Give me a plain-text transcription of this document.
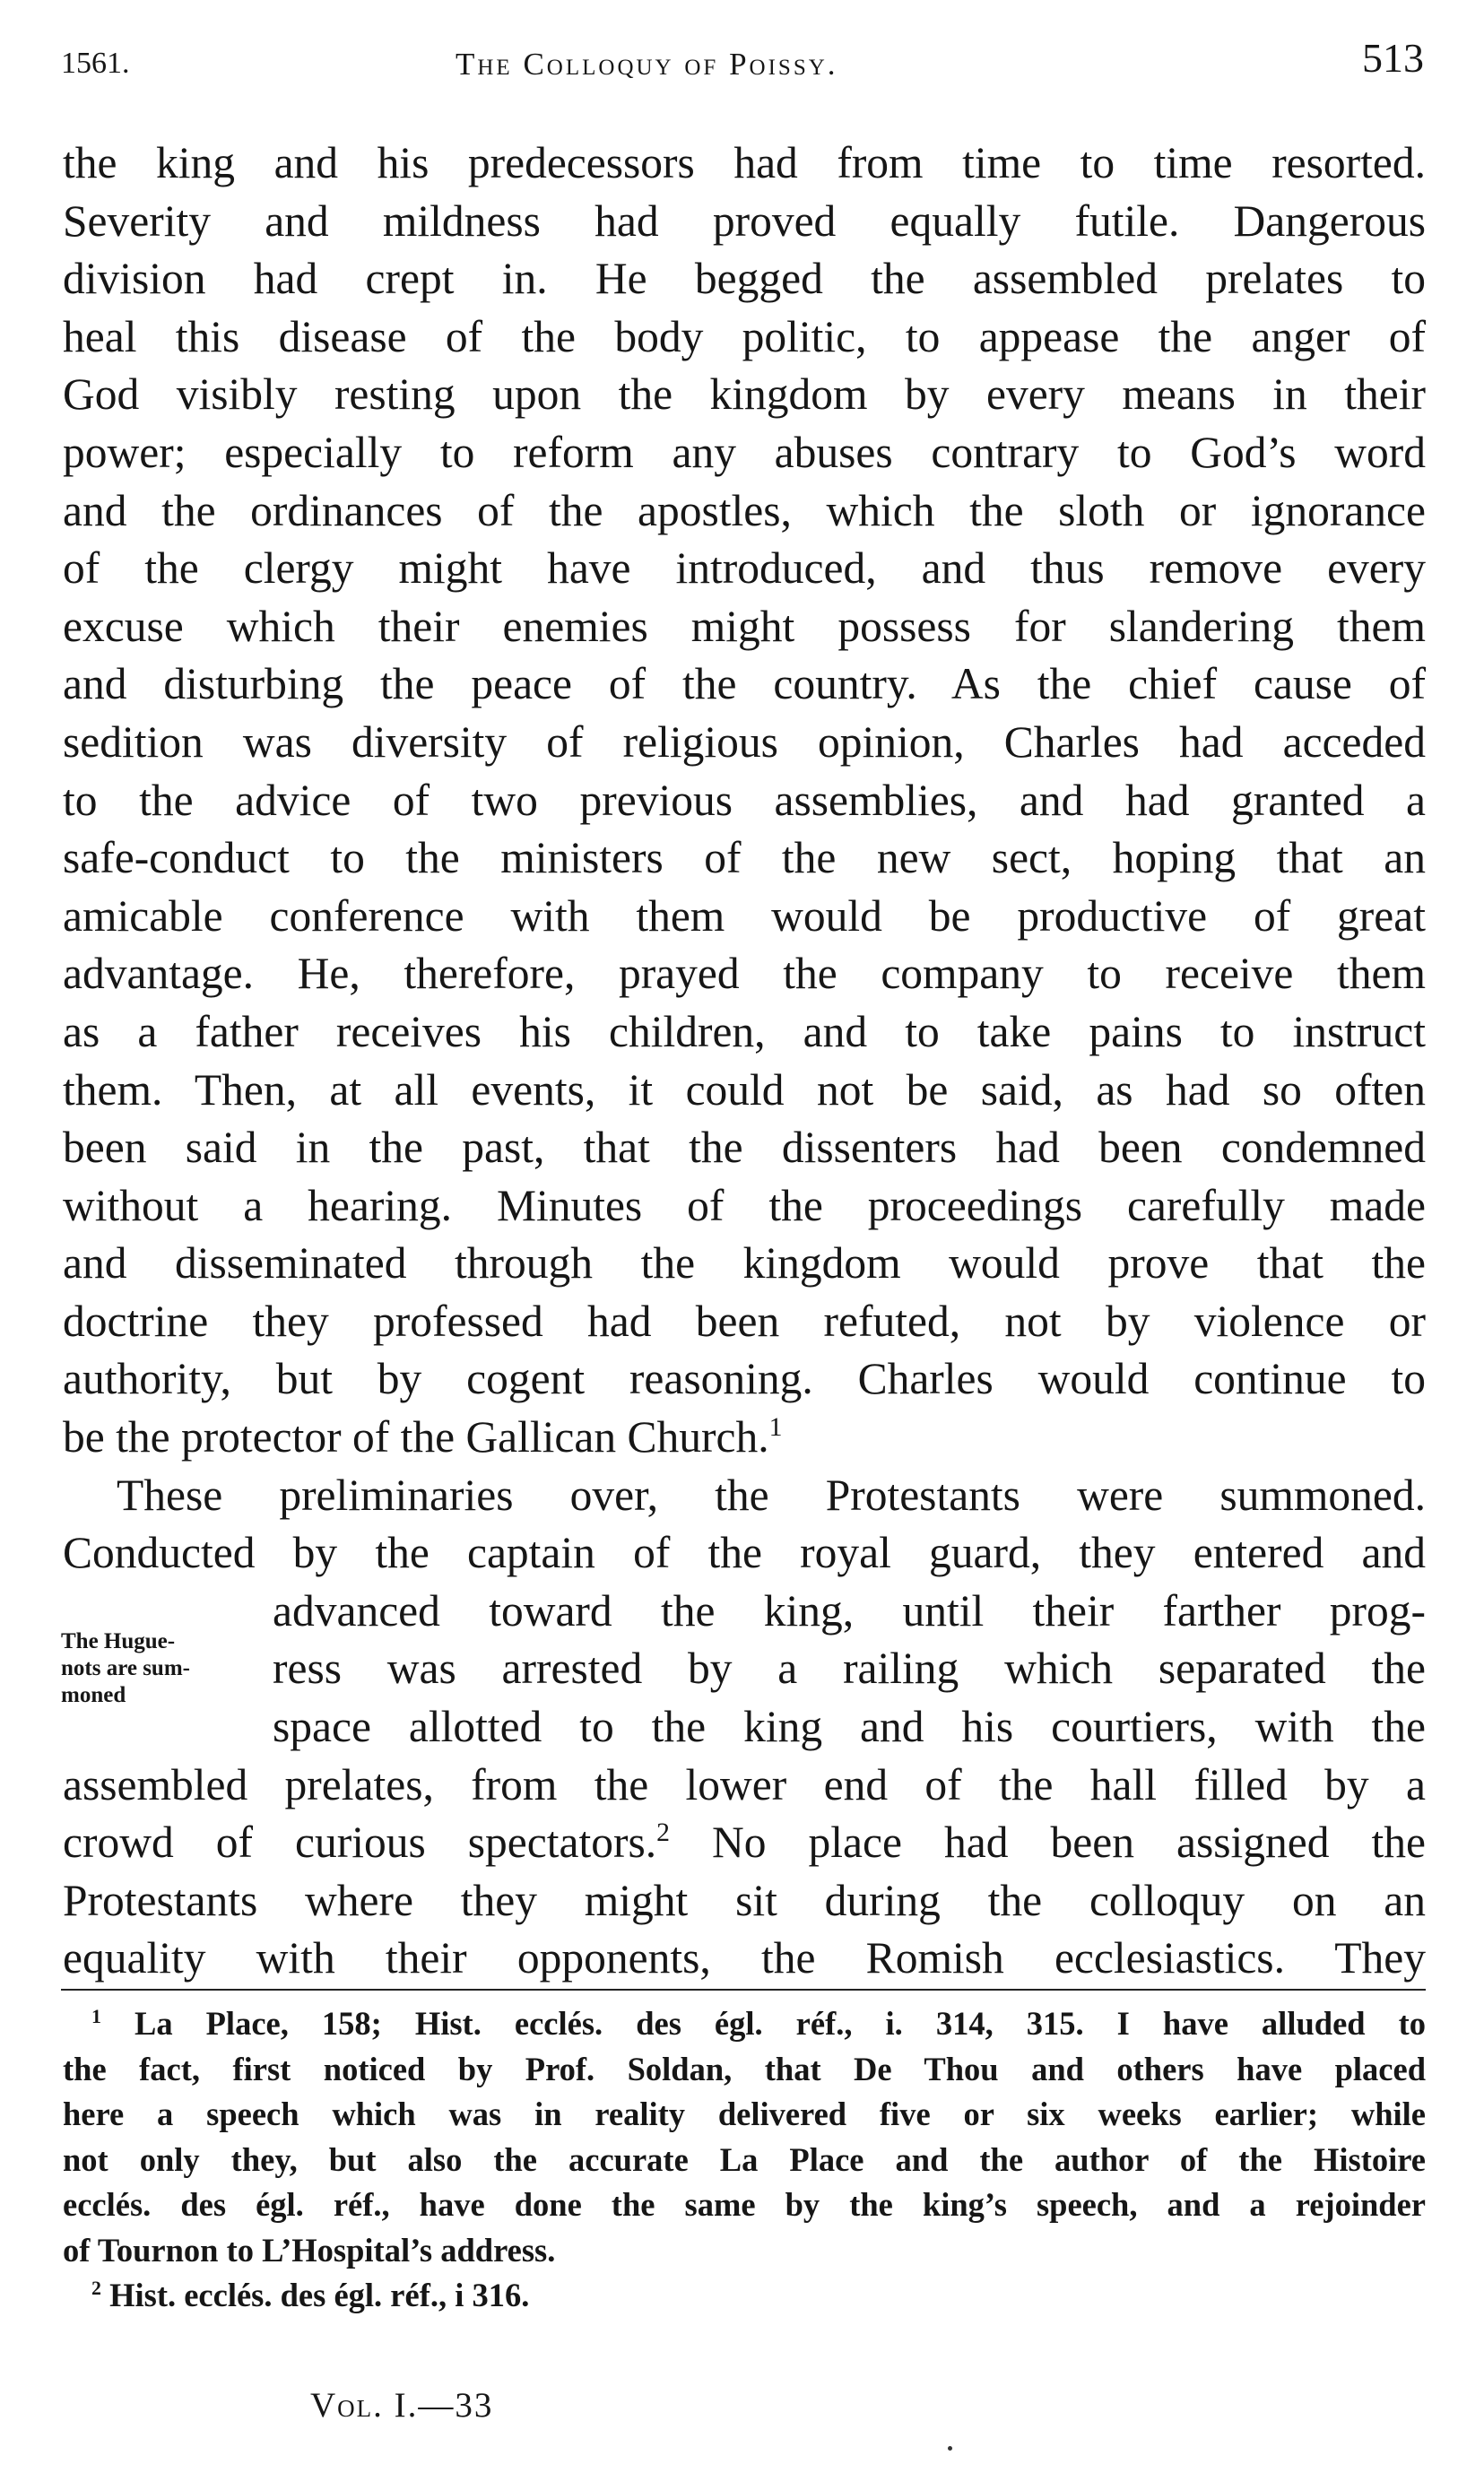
1561.	The Colloquy of Poissy.	513
the king and his predecessors had from time to time resorted.
Severity and mildness had proved equally futile. Dangerous
division had crept in. He begged the assembled prelates to
heal this disease of the body politic, to appease the anger of
God visibly resting upon the kingdom by every means in their
power; especially to reform any abuses contrary to God’s word
and the ordinances of the apostles, which the sloth or ignorance
of the clergy might have introduced, and thus remove every
excuse which their enemies might possess for slandering them
and disturbing the peace of the country. As the chief cause of
sedition was diversity of religious opinion, Charles had acceded
to the advice of two previous assemblies, and had granted a
safe-conduct to the ministers of the new sect, hoping that an
amicable conference with them would be productive of great
advantage. He, therefore, prayed the company to receive them
as a father receives his children, and to take pains to instruct
them. Then, at all events, it could not be said, as had so often
been said in the past, that the dissenters had been condemned
without a hearing. Minutes of the proceedings carefully made
and disseminated through the kingdom would prove that the
doctrine they professed had been refuted, not by violence or
authority, but by cogent reasoning. Charles would continue to
be the protector of the Gallican Church.$^1$
These preliminaries over, the Protestants were summoned.
Conducted by the captain of the royal guard, they entered and
advanced toward the king, until their farther prog-
ress was arrested by a railing which separated the
space allotted to the king and his courtiers, with the
assembled prelates, from the lower end of the hall filled by a
crowd of curious spectators.$^2$ No place had been assigned the
Protestants where they might sit during the colloquy on an
equality with their opponents, the Romish ecclesiastics. They
The Hugue-
nots are sum-
moned
$^1$ La Place, 158; Hist. ecclés. des égl. réf., i. 314, 315. I have alluded to
the fact, first noticed by Prof. Soldan, that De Thou and others have placed
here a speech which was in reality delivered five or six weeks earlier; while
not only they, but also the accurate La Place and the author of the Histoire
ecclés. des égl. réf., have done the same by the king’s speech, and a rejoinder
of Tournon to L’Hospital’s address.
$^2$ Hist. ecclés. des égl. réf., i 316.
Vol. I.—33
